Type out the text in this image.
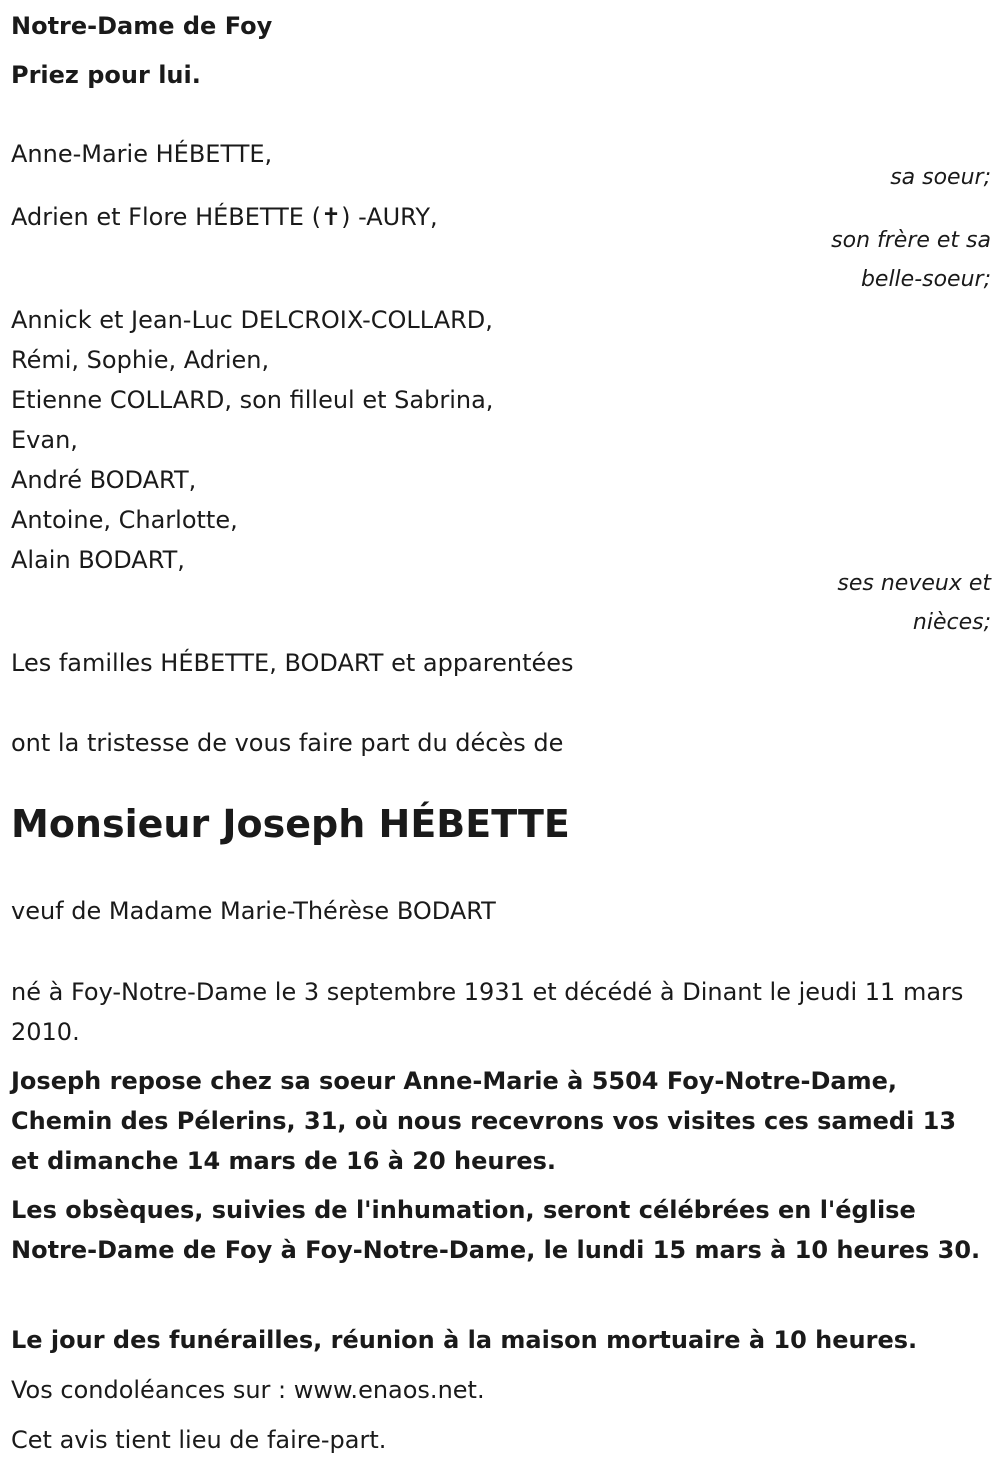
Notre-Dame de Foy
Priez pour lui.
Anne-Marie HÉBETTE,
sa soeur;
Adrien et Flore HÉBETTE (✝) -AURY,
son frère et sa
belle-soeur;
Annick et Jean-Luc DELCROIX-COLLARD,
Rémi, Sophie, Adrien,
Etienne COLLARD, son filleul et Sabrina,
Evan,
André BODART,
Antoine, Charlotte,
Alain BODART,
ses neveux et
nièces;
Les familles HÉBETTE, BODART et apparentées
ont la tristesse de vous faire part du décès de
Monsieur Joseph HÉBETTE
veuf de Madame Marie-Thérèse BODART
né à Foy-Notre-Dame le 3 septembre 1931 et décédé à Dinant le jeudi 11 mars 2010.
Joseph repose chez sa soeur Anne-Marie à 5504 Foy-Notre-Dame, Chemin des Pélerins, 31, où nous recevrons vos visites ces samedi 13 et dimanche 14 mars de 16 à 20 heures.
Les obsèques, suivies de l'inhumation, seront célébrées en l'église Notre-Dame de Foy à Foy-Notre-Dame, le lundi 15 mars à 10 heures 30.
Le jour des funérailles, réunion à la maison mortuaire à 10 heures.
Vos condoléances sur : www.enaos.net.
Cet avis tient lieu de faire-part.
